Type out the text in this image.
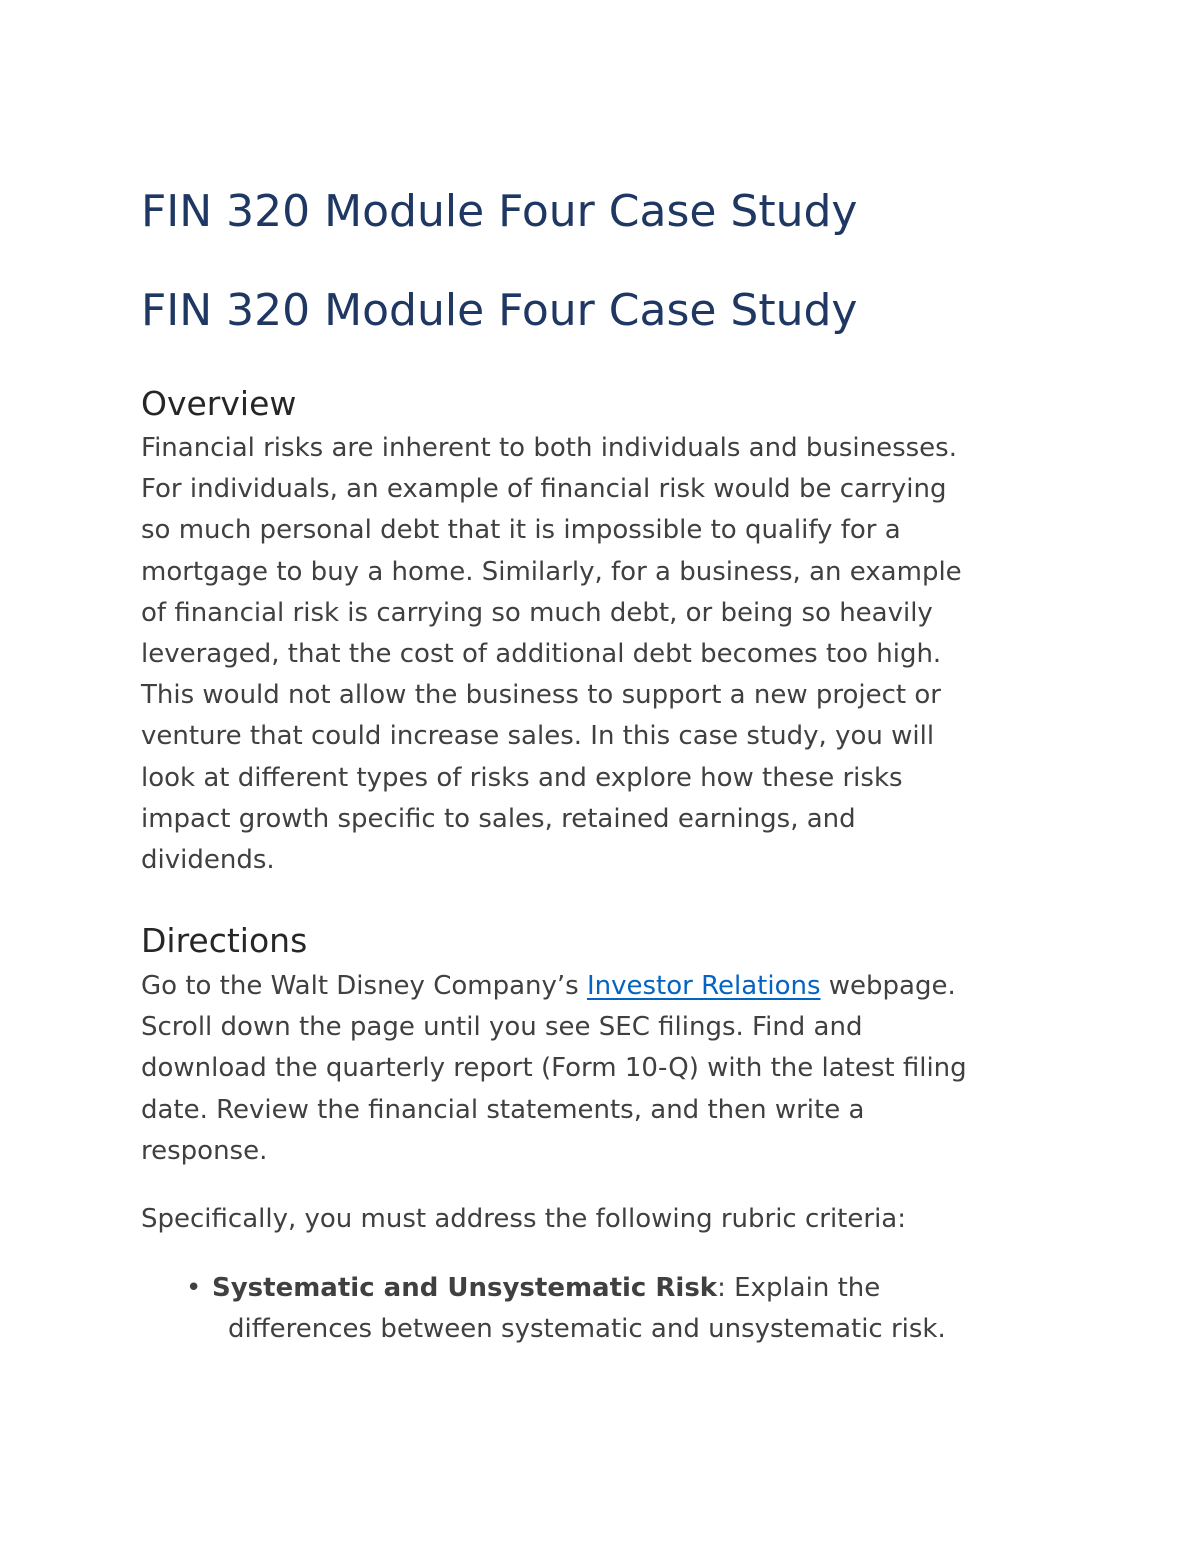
FIN 320 Module Four Case Study
FIN 320 Module Four Case Study
Overview

Financial risks are inherent to both individuals and businesses.
For individuals, an example of financial risk would be carrying
so much personal debt that it is impossible to qualify for a
mortgage to buy a home. Similarly, for a business, an example
of financial risk is carrying so much debt, or being so heavily
leveraged, that the cost of additional debt becomes too high.
This would not allow the business to support a new project or
venture that could increase sales. In this case study, you will
look at different types of risks and explore how these risks
impact growth specific to sales, retained earnings, and
dividends.

Directions

Go to the Walt Disney Company’s Investor Relations webpage.
Scroll down the page until you see SEC filings. Find and
download the quarterly report (Form 10-Q) with the latest filing
date. Review the financial statements, and then write a
response.

Specifically, you must address the following rubric criteria:

• Systematic and Unsystematic Risk: Explain the
differences between systematic and unsystematic risk.
